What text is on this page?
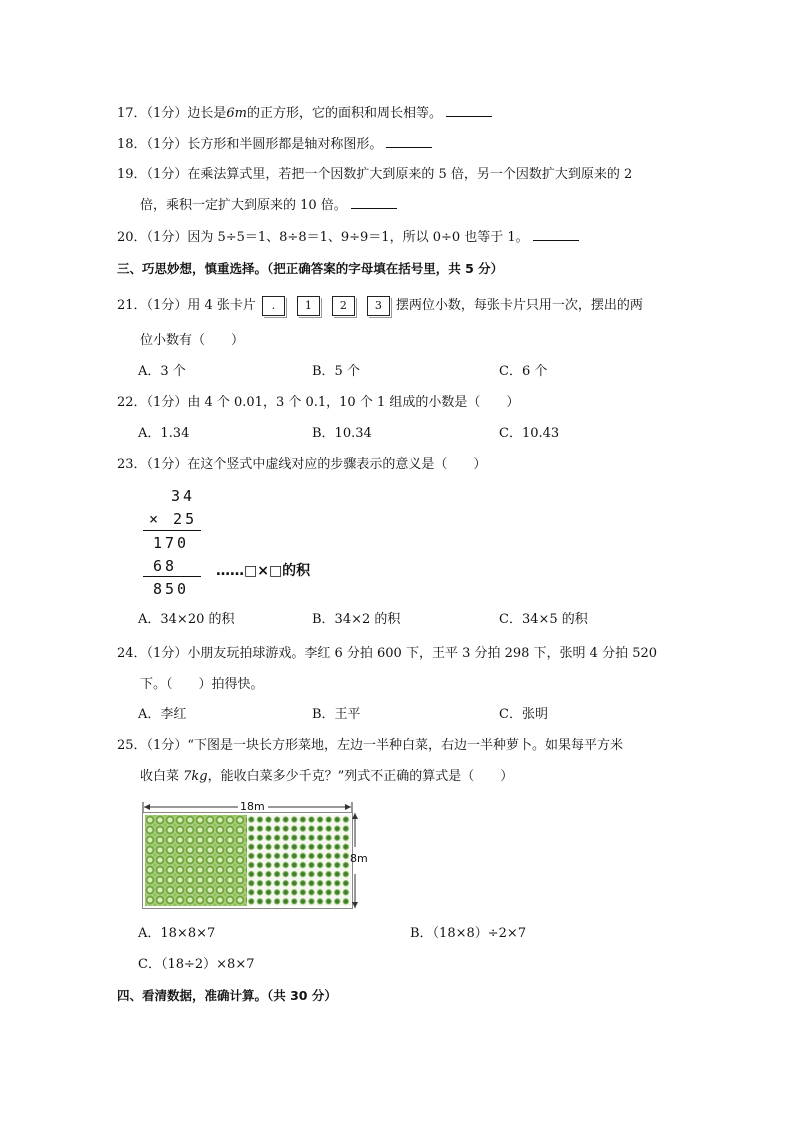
17．（1分）边长是6m的正方形，它的面积和周长相等。
18．（1分）长方形和半圆形都是轴对称图形。
19．（1分）在乘法算式里，若把一个因数扩大到原来的 5 倍，另一个因数扩大到原来的 2
倍，乘积一定扩大到原来的 10 倍。
20．（1分）因为 5÷5＝1、8÷8＝1、9÷9＝1，所以 0÷0 也等于 1。
三、巧思妙想，慎重选择。（把正确答案的字母填在括号里，共 5 分）
21．（1分）用 4 张卡片 .	1	2	3 摆两位小数，每张卡片只用一次，摆出的两
位小数有（　　）
A．3 个	B．5 个	C．6 个
22．（1分）由 4 个 0.01，3 个 0.1，10 个 1 组成的小数是（　　）
A．1.34	B．10.34	C．10.43
23．（1分）在这个竖式中虚线对应的步骤表示的意义是（　　）
34
× 25
170
68
850
……□×□的积
A．34×20 的积	B．34×2 的积	C．34×5 的积
24．（1分）小朋友玩拍球游戏。李红 6 分拍 600 下，王平 3 分拍 298 下，张明 4 分拍 520
下。（　　）拍得快。
A．李红	B．王平	C．张明
25．（1分）“下图是一块长方形菜地，左边一半种白菜，右边一半种萝卜。如果每平方米
收白菜 7kg，能收白菜多少千克？”列式不正确的算式是（　　）
18m
8m
A．18×8×7	B．（18×8）÷2×7
C．（18÷2）×8×7
四、看清数据，准确计算。（共 30 分）
